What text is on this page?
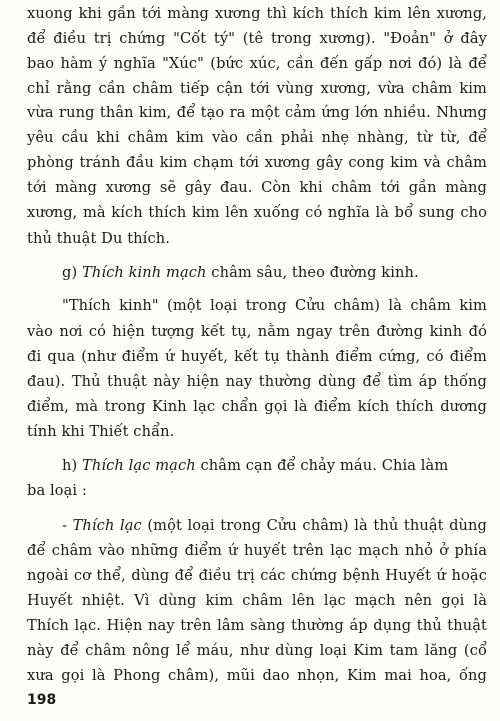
xuong khi gần tới màng xương thì kích thích kim lên xương,
để điều trị chứng "Cốt tý" (tê trong xương). "Đoản" ở đây
bao hàm ý nghĩa "Xúc" (bức xúc, cần đến gấp nơi đó) là để
chỉ rằng cần châm tiếp cận tới vùng xương, vừa châm kim
vừa rung thân kim, để tạo ra một cảm ứng lớn nhiều. Nhưng
yêu cầu khi châm kim vào cần phải nhẹ nhàng, từ từ, để
phòng tránh đầu kim chạm tới xương gây cong kim và châm
tới màng xương sẽ gây đau. Còn khi châm tới gần màng
xương, mà kích thích kim lên xuống có nghĩa là bổ sung cho
thủ thuật Du thích.
g) Thích kinh mạch châm sâu, theo đường kinh.
"Thích kinh" (một loại trong Cửu châm) là châm kim
vào nơi có hiện tượng kết tụ, nằm ngay trên đường kinh đó
đi qua (như điểm ứ huyết, kết tụ thành điểm cứng, có điểm
đau). Thủ thuật này hiện nay thường dùng để tìm áp thống
điểm, mà trong Kinh lạc chẩn gọi là điểm kích thích dương
tính khi Thiết chẩn.
h) Thích lạc mạch châm cạn để chảy máu. Chia làm
ba loại :
- Thích lạc (một loại trong Cửu châm) là thủ thuật dùng
để châm vào những điểm ứ huyết trên lạc mạch nhỏ ở phía
ngoài cơ thể, dùng để điều trị các chứng bệnh Huyết ứ hoặc
Huyết nhiệt. Vì dùng kim châm lên lạc mạch nên gọi là
Thích lạc. Hiện nay trên lâm sàng thường áp dụng thủ thuật
này để châm nông lể máu, như dùng loại Kim tam lăng (cổ
xưa gọi là Phong châm), mũi dao nhọn, Kim mai hoa, ống
198
